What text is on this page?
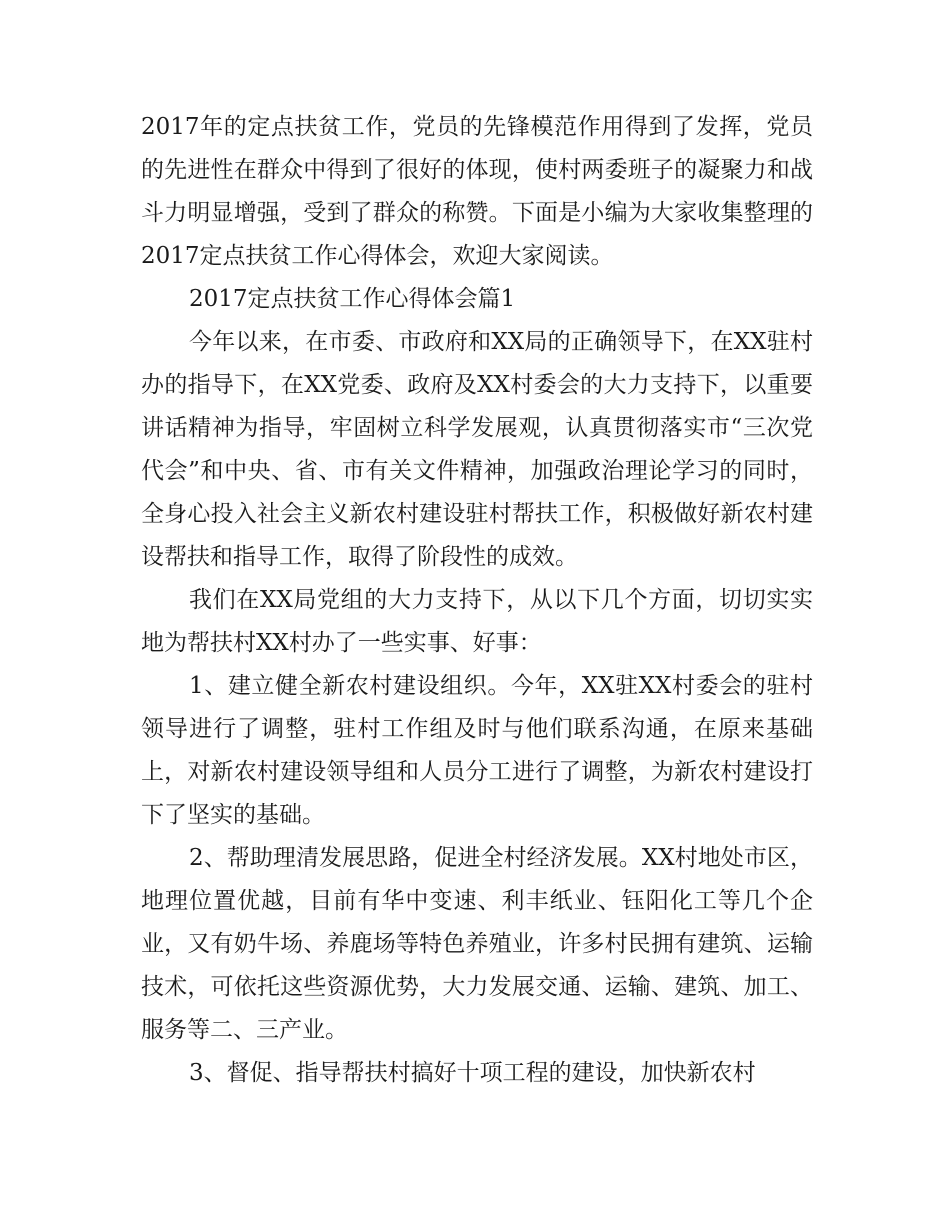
2017年的定点扶贫工作，党员的先锋模范作用得到了发挥，党员的先进性在群众中得到了很好的体现，使村两委班子的凝聚力和战斗力明显增强，受到了群众的称赞。下面是小编为大家收集整理的2017定点扶贫工作心得体会，欢迎大家阅读。

2017定点扶贫工作心得体会篇1

今年以来，在市委、市政府和XX局的正确领导下，在XX驻村办的指导下，在XX党委、政府及XX村委会的大力支持下，以重要讲话精神为指导，牢固树立科学发展观，认真贯彻落实市“三次党代会”和中央、省、市有关文件精神，加强政治理论学习的同时，全身心投入社会主义新农村建设驻村帮扶工作，积极做好新农村建设帮扶和指导工作，取得了阶段性的成效。

我们在XX局党组的大力支持下，从以下几个方面，切切实实地为帮扶村XX村办了一些实事、好事：

1、建立健全新农村建设组织。今年，XX驻XX村委会的驻村领导进行了调整，驻村工作组及时与他们联系沟通，在原来基础上，对新农村建设领导组和人员分工进行了调整，为新农村建设打下了坚实的基础。

2、帮助理清发展思路，促进全村经济发展。XX村地处市区，地理位置优越，目前有华中变速、利丰纸业、钰阳化工等几个企业，又有奶牛场、养鹿场等特色养殖业，许多村民拥有建筑、运输技术，可依托这些资源优势，大力发展交通、运输、建筑、加工、服务等二、三产业。

3、督促、指导帮扶村搞好十项工程的建设，加快新农村
